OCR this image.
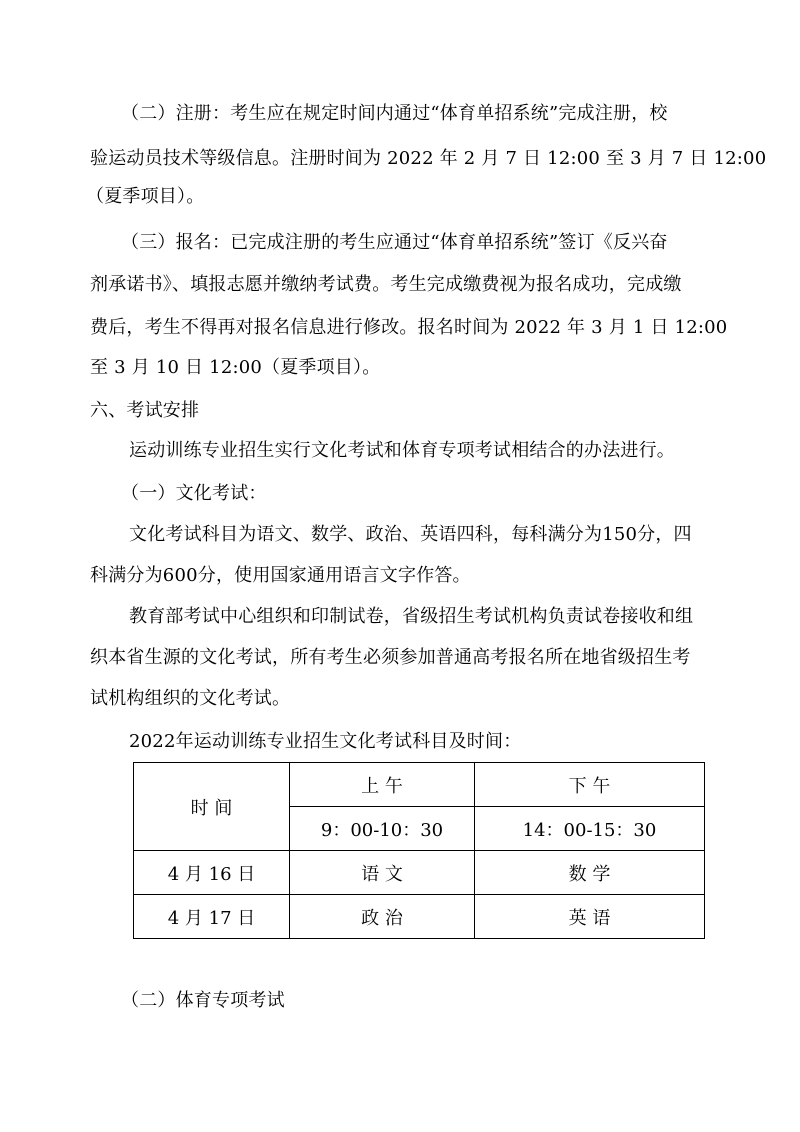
（二）注册：考生应在规定时间内通过“体育单招系统”完成注册，校
验运动员技术等级信息。注册时间为 2022 年 2 月 7 日 12:00 至 3 月 7 日 12:00
（夏季项目）。
（三）报名：已完成注册的考生应通过“体育单招系统”签订《反兴奋
剂承诺书》、填报志愿并缴纳考试费。考生完成缴费视为报名成功，完成缴
费后，考生不得再对报名信息进行修改。报名时间为 2022 年 3 月 1 日 12:00
至 3 月 10 日 12:00（夏季项目）。
六、考试安排
运动训练专业招生实行文化考试和体育专项考试相结合的办法进行。
（一）文化考试：
文化考试科目为语文、数学、政治、英语四科，每科满分为150分，四
科满分为600分，使用国家通用语言文字作答。
教育部考试中心组织和印制试卷，省级招生考试机构负责试卷接收和组
织本省生源的文化考试，所有考生必须参加普通高考报名所在地省级招生考
试机构组织的文化考试。
2022年运动训练专业招生文化考试科目及时间：
时 间	上 午	下 午
	9：00-10：30	14：00-15：30
4 月 16 日	语 文	数 学
4 月 17 日	政 治	英 语
（二）体育专项考试
